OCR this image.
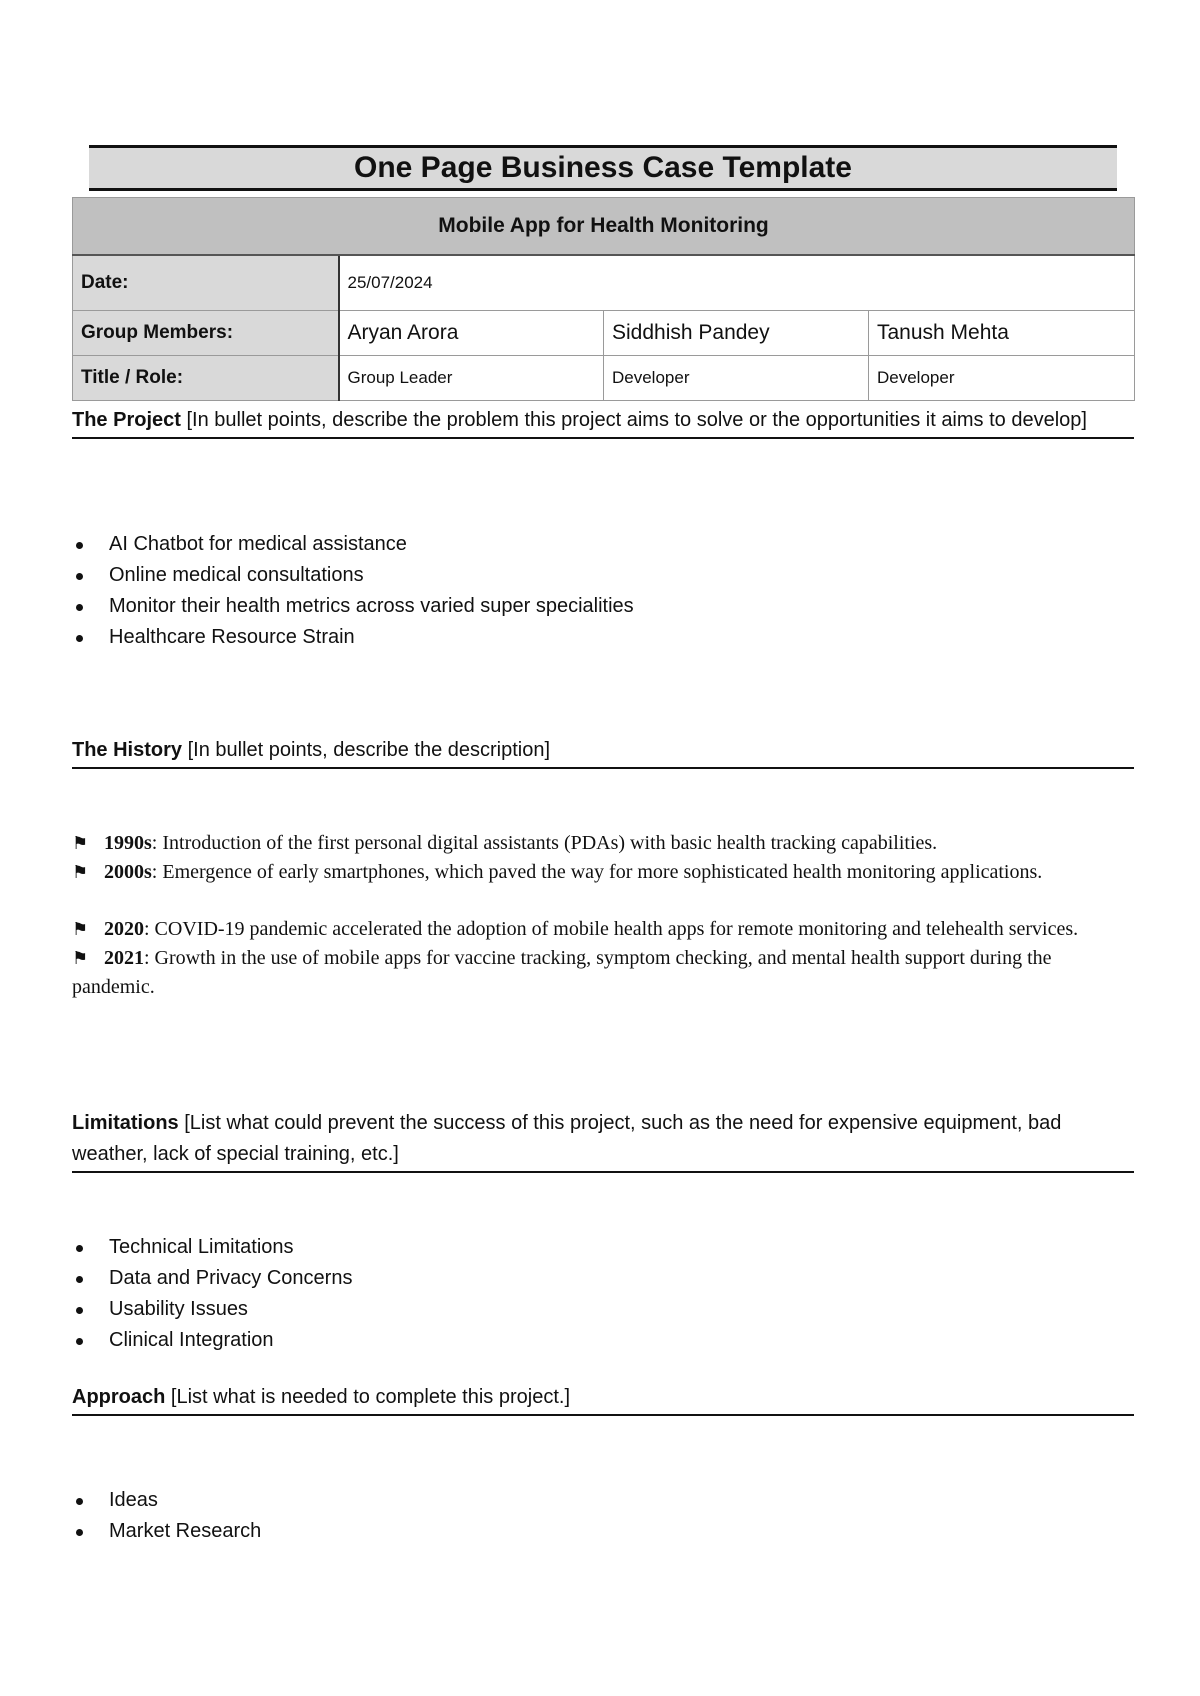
One Page Business Case Template
Mobile App for Health Monitoring			
Date:	25/07/2024		
Group Members:	Aryan Arora	Siddhish Pandey	Tanush Mehta
Title / Role:	Group Leader	Developer	Developer
The Project [In bullet points, describe the problem this project aims to solve or the opportunities it aims to develop]
AI Chatbot for medical assistance
Online medical consultations
Monitor their health metrics across varied super specialities
Healthcare Resource Strain
The History [In bullet points, describe the description]
⚑ 1990s: Introduction of the first personal digital assistants (PDAs) with basic health tracking capabilities.
⚑ 2000s: Emergence of early smartphones, which paved the way for more sophisticated health monitoring applications.
⚑ 2020: COVID-19 pandemic accelerated the adoption of mobile health apps for remote monitoring and telehealth services.
⚑ 2021: Growth in the use of mobile apps for vaccine tracking, symptom checking, and mental health support during the pandemic.
Limitations [List what could prevent the success of this project, such as the need for expensive equipment, bad weather, lack of special training, etc.]
Technical Limitations
Data and Privacy Concerns
Usability Issues
Clinical Integration
Approach [List what is needed to complete this project.]
Ideas
Market Research
